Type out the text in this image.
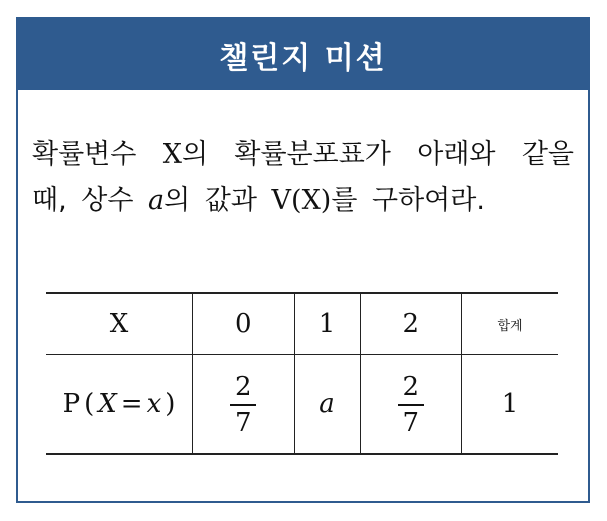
챌린지 미션
확률변수 X의 확률분포표가 아래와 같을 때, 상수 a의 값과 V(X)를 구하여라.
X	0	1	2	합계
P ( X = x )	$\frac{2}{7}$	a	$\frac{2}{7}$	1
